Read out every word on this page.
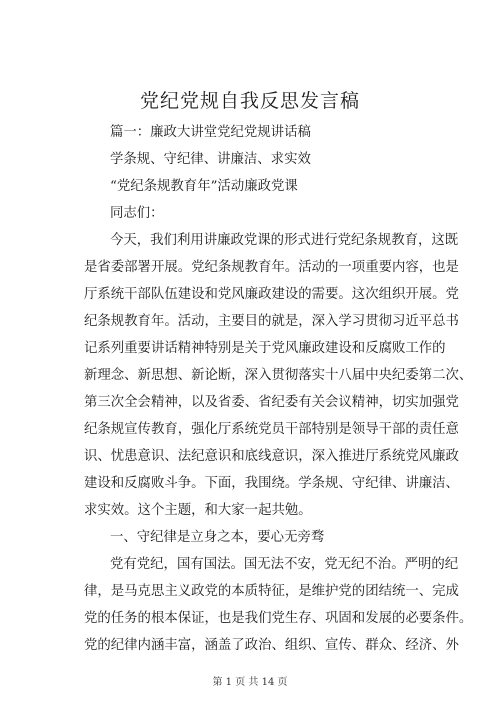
党纪党规自我反思发言稿
篇一：廉政大讲堂党纪党规讲话稿
学条规、守纪律、讲廉洁、求实效
“党纪条规教育年”活动廉政党课
同志们：
今天，我们利用讲廉政党课的形式进行党纪条规教育，这既
是省委部署开展。党纪条规教育年。活动的一项重要内容，也是
厅系统干部队伍建设和党风廉政建设的需要。这次组织开展。党
纪条规教育年。活动，主要目的就是，深入学习贯彻习近平总书
记系列重要讲话精神特别是关于党风廉政建设和反腐败工作的
新理念、新思想、新论断，深入贯彻落实十八届中央纪委第二次、
第三次全会精神，以及省委、省纪委有关会议精神，切实加强党
纪条规宣传教育，强化厅系统党员干部特别是领导干部的责任意
识、忧患意识、法纪意识和底线意识，深入推进厅系统党风廉政
建设和反腐败斗争。下面，我围绕。学条规、守纪律、讲廉洁、
求实效。这个主题，和大家一起共勉。
一、守纪律是立身之本，要心无旁骛
党有党纪，国有国法。国无法不安，党无纪不治。严明的纪
律，是马克思主义政党的本质特征，是维护党的团结统一、完成
党的任务的根本保证，也是我们党生存、巩固和发展的必要条件。
党的纪律内涵丰富，涵盖了政治、组织、宣传、群众、经济、外
第 1 页 共 14 页
